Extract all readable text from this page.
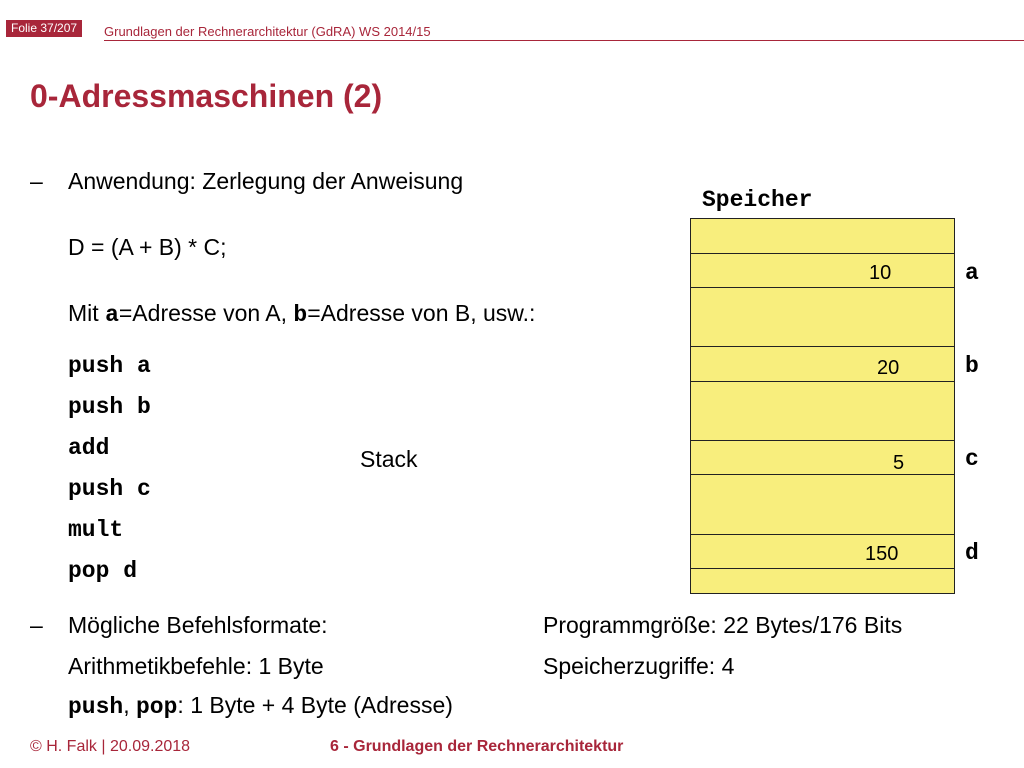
Folie 37/207	Grundlagen der Rechnerarchitektur (GdRA) WS 2014/15
0-Adressmaschinen (2)
– Anwendung: Zerlegung der Anweisung
D = (A + B) * C;
Mit a=Adresse von A, b=Adresse von B, usw.:
push a
push b
add
push c
mult
pop d
Stack
Speicher
10
20
5
150
a
b
c
d
– Mögliche Befehlsformate:
Arithmetikbefehle: 1 Byte
push, pop: 1 Byte + 4 Byte (Adresse)
Programmgröße: 22 Bytes/176 Bits
Speicherzugriffe: 4
© H. Falk | 20.09.2018	6 - Grundlagen der Rechnerarchitektur
